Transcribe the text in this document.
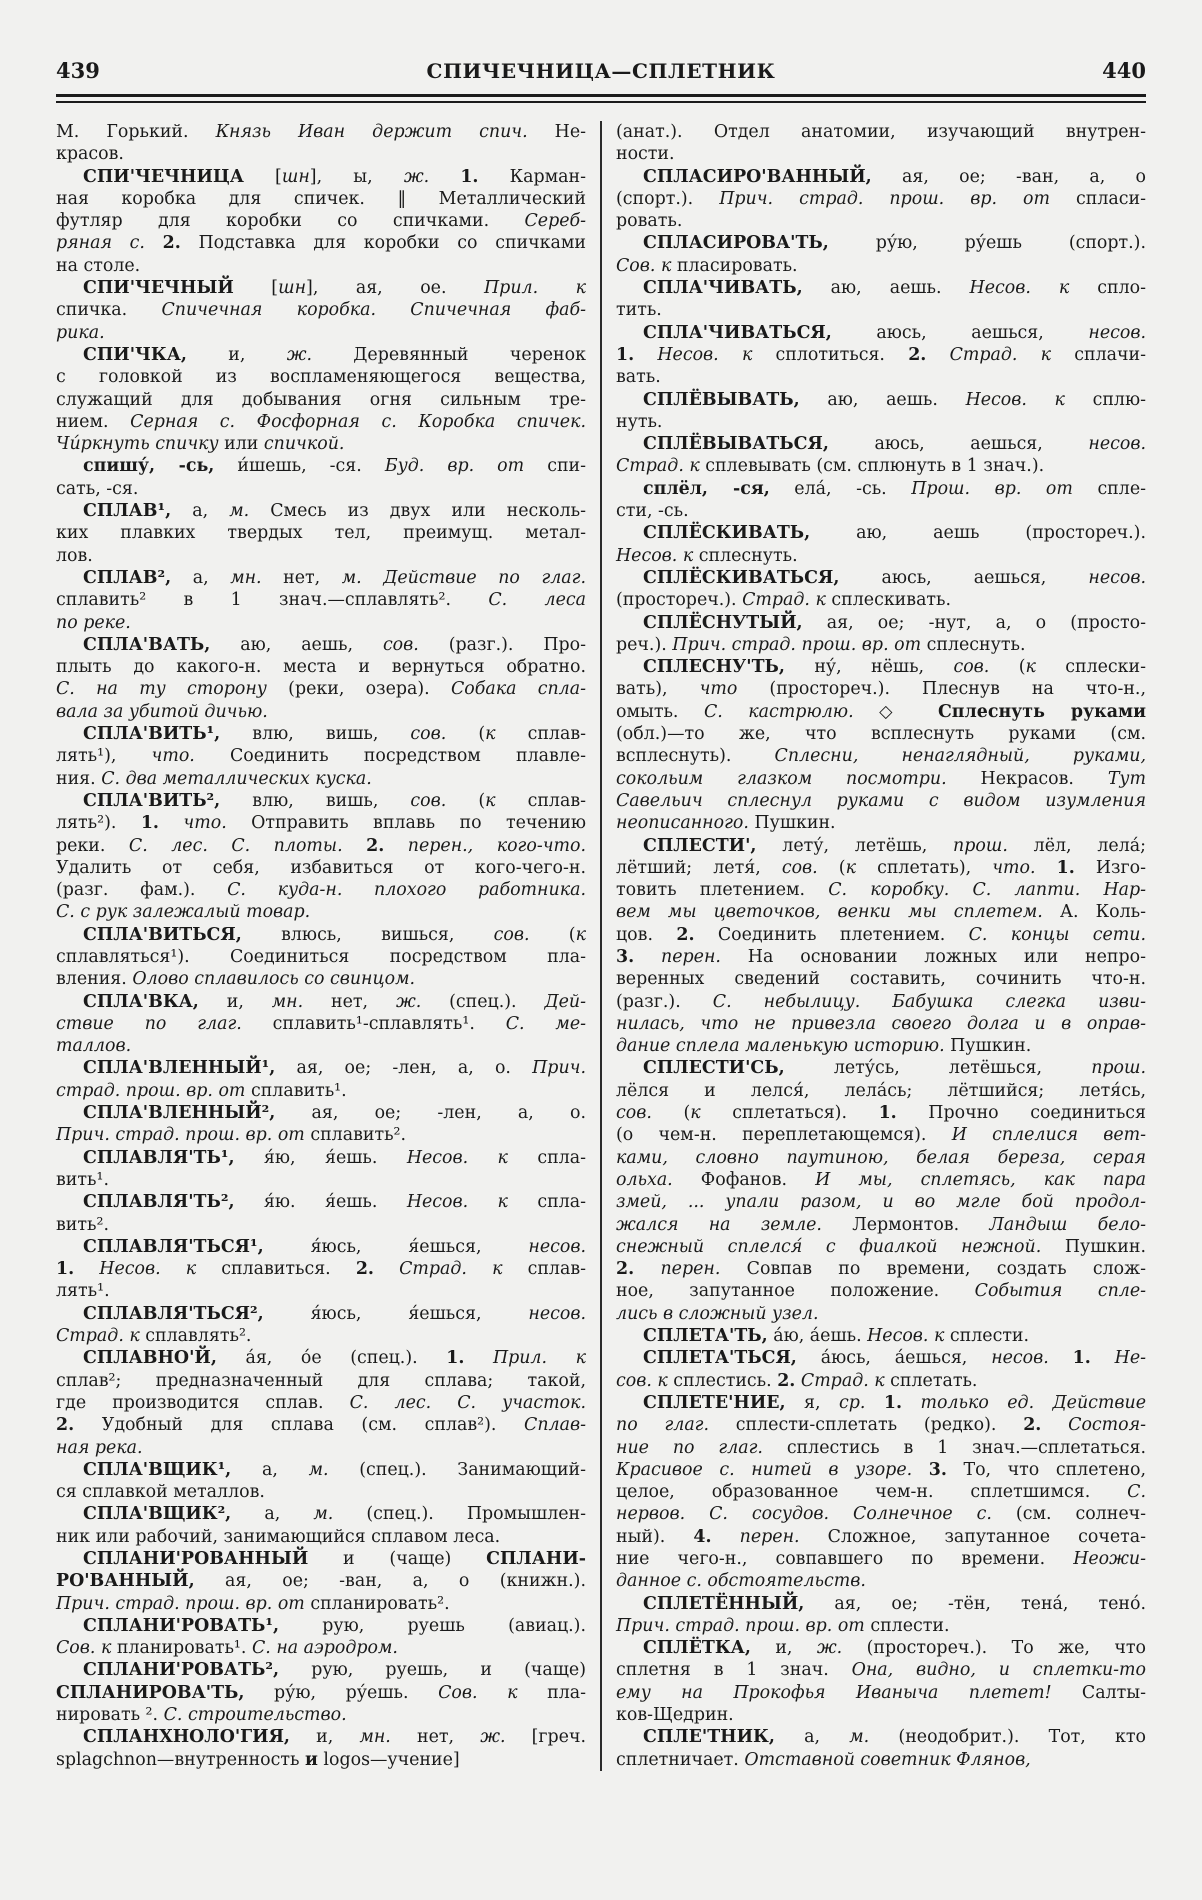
439	СПИЧЕЧНИЦА—СПЛЕТНИК	440
М. Горький. Князь Иван держит спич. Не-
красов.
СПИ'ЧЕЧНИЦА [шн], ы, ж. 1. Карман-
ная коробка для спичек. ‖ Металлический
футляр для коробки со спичками. Сереб-
ряная с. 2. Подставка для коробки со спичками
на столе.
СПИ'ЧЕЧНЫЙ [шн], ая, ое. Прил. к
спичка. Спичечная коробка. Спичечная фаб-
рика.
СПИ'ЧКА, и, ж. Деревянный черенок
с головкой из воспламеняющегося вещества,
служащий для добывания огня сильным тре-
нием. Серная с. Фосфорная с. Коробка спичек.
Чи́ркнуть спичку или спичкой.
спишу́, -сь, и́шешь, -ся. Буд. вр. от спи-
сать, -ся.
СПЛАВ¹, а, м. Смесь из двух или несколь-
ких плавких твердых тел, преимущ. метал-
лов.
СПЛАВ², а, мн. нет, м. Действие по глаг.
сплавить² в 1 знач.—сплавлять². С. леса
по реке.
СПЛА'ВАТЬ, аю, аешь, сов. (разг.). Про-
плыть до какого-н. места и вернуться обратно.
С. на ту сторону (реки, озера). Собака спла-
вала за убитой дичью.
СПЛА'ВИТЬ¹, влю, вишь, сов. (к сплав-
лять¹), что. Соединить посредством плавле-
ния. С. два металлических куска.
СПЛА'ВИТЬ², влю, вишь, сов. (к сплав-
лять²). 1. что. Отправить вплавь по течению
реки. С. лес. С. плоты. 2. перен., кого-что.
Удалить от себя, избавиться от кого-чего-н.
(разг. фам.). С. куда-н. плохого работника.
С. с рук залежалый товар.
СПЛА'ВИТЬСЯ, влюсь, вишься, сов. (к
сплавляться¹). Соединиться посредством пла-
вления. Олово сплавилось со свинцом.
СПЛА'ВКА, и, мн. нет, ж. (спец.). Дей-
ствие по глаг. сплавить¹-сплавлять¹. С. ме-
таллов.
СПЛА'ВЛЕННЫЙ¹, ая, ое; -лен, а, о. Прич.
страд. прош. вр. от сплавить¹.
СПЛА'ВЛЕННЫЙ², ая, ое; -лен, а, о.
Прич. страд. прош. вр. от сплавить².
СПЛАВЛЯ'ТЬ¹, я́ю, я́ешь. Несов. к спла-
вить¹.
СПЛАВЛЯ'ТЬ², я́ю. я́ешь. Несов. к спла-
вить².
СПЛАВЛЯ'ТЬСЯ¹, я́юсь, я́ешься, несов.
1. Несов. к сплавиться. 2. Страд. к сплав-
лять¹.
СПЛАВЛЯ'ТЬСЯ², я́юсь, я́ешься, несов.
Страд. к сплавлять².
СПЛАВНО'Й, а́я, о́е (спец.). 1. Прил. к
сплав²; предназначенный для сплава; такой,
где производится сплав. С. лес. С. участок.
2. Удобный для сплава (см. сплав²). Сплав-
ная река.
СПЛА'ВЩИК¹, а, м. (спец.). Занимающий-
ся сплавкой металлов.
СПЛА'ВЩИК², а, м. (спец.). Промышлен-
ник или рабочий, занимающийся сплавом леса.
СПЛАНИ'РОВАННЫЙ и (чаще) СПЛАНИ-
РО'ВАННЫЙ, ая, ое; -ван, а, о (книжн.).
Прич. страд. прош. вр. от спланировать².
СПЛАНИ'РОВАТЬ¹, рую, руешь (авиац.).
Сов. к планировать¹. С. на аэродром.
СПЛАНИ'РОВАТЬ², рую, руешь, и (чаще)
СПЛАНИРОВА'ТЬ, ру́ю, ру́ешь. Сов. к пла-
нировать ². С. строительство.
СПЛАНХНОЛО'ГИЯ, и, мн. нет, ж. [греч.
splagchnon—внутренность и logos—учение]
(анат.). Отдел анатомии, изучающий внутрен-
ности.
СПЛАСИРО'ВАННЫЙ, ая, ое; -ван, а, о
(спорт.). Прич. страд. прош. вр. от спласи-
ровать.
СПЛАСИРОВА'ТЬ, ру́ю, ру́ешь (спорт.).
Сов. к пласировать.
СПЛА'ЧИВАТЬ, аю, аешь. Несов. к спло-
тить.
СПЛА'ЧИВАТЬСЯ, аюсь, аешься, несов.
1. Несов. к сплотиться. 2. Страд. к сплачи-
вать.
СПЛЁВЫВАТЬ, аю, аешь. Несов. к сплю-
нуть.
СПЛЁВЫВАТЬСЯ, аюсь, аешься, несов.
Страд. к сплевывать (см. сплюнуть в 1 знач.).
сплёл, -ся, ела́, -сь. Прош. вр. от спле-
сти, -сь.
СПЛЁСКИВАТЬ, аю, аешь (простореч.).
Несов. к сплеснуть.
СПЛЁСКИВАТЬСЯ, аюсь, аешься, несов.
(простореч.). Страд. к сплескивать.
СПЛЁСНУТЫЙ, ая, ое; -нут, а, о (просто-
реч.). Прич. страд. прош. вр. от сплеснуть.
СПЛЕСНУ'ТЬ, ну́, нёшь, сов. (к сплески-
вать), что (простореч.). Плеснув на что-н.,
омыть. С. кастрюлю. ◇ Сплеснуть руками
(обл.)—то же, что всплеснуть руками (см.
всплеснуть). Сплесни, ненаглядный, руками,
сокольим глазком посмотри. Некрасов. Тут
Савельич сплеснул руками с видом изумления
неописанного. Пушкин.
СПЛЕСТИ', лету́, летёшь, прош. лёл, лела́;
лётший; летя́, сов. (к сплетать), что. 1. Изго-
товить плетением. С. коробку. С. лапти. Нар-
вем мы цветочков, венки мы сплетем. А. Коль-
цов. 2. Соединить плетением. С. концы сети.
3. перен. На основании ложных или непро-
веренных сведений составить, сочинить что-н.
(разг.). С. небылицу. Бабушка слегка изви-
нилась, что не привезла своего долга и в оправ-
дание сплела маленькую историю. Пушкин.
СПЛЕСТИ'СЬ, лету́сь, летёшься, прош.
лёлся и лелся́, лела́сь; лётшийся; летя́сь,
сов. (к сплетаться). 1. Прочно соединиться
(о чем-н. переплетающемся). И сплелися вет-
ками, словно паутиною, белая береза, серая
ольха. Фофанов. И мы, сплетясь, как пара
змей, ... упали разом, и во мгле бой продол-
жался на земле. Лермонтов. Ландыш бело-
снежный сплелся́ с фиалкой нежной. Пушкин.
2. перен. Совпав по времени, создать слож-
ное, запутанное положение. События спле-
лись в сложный узел.
СПЛЕТА'ТЬ, а́ю, а́ешь. Несов. к сплести.
СПЛЕТА'ТЬСЯ, а́юсь, а́ешься, несов. 1. Не-
сов. к сплестись. 2. Страд. к сплетать.
СПЛЕТЕ'НИЕ, я, ср. 1. только ед. Действие
по глаг. сплести-сплетать (редко). 2. Состоя-
ние по глаг. сплестись в 1 знач.—сплетаться.
Красивое с. нитей в узоре. 3. То, что сплетено,
целое, образованное чем-н. сплетшимся. С.
нервов. С. сосудов. Солнечное с. (см. солнеч-
ный). 4. перен. Сложное, запутанное сочета-
ние чего-н., совпавшего по времени. Неожи-
данное с. обстоятельств.
СПЛЕТЁННЫЙ, ая, ое; -тён, тена́, тено́.
Прич. страд. прош. вр. от сплести.
СПЛЁТКА, и, ж. (простореч.). То же, что
сплетня в 1 знач. Она, видно, и сплетки-то
ему на Прокофья Иваныча плетет! Салты-
ков-Щедрин.
СПЛЕ'ТНИК, а, м. (неодобрит.). Тот, кто
сплетничает. Отставной советник Флянов,
